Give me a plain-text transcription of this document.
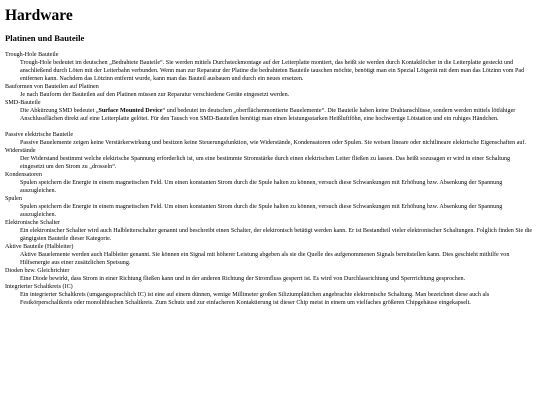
Hardware
Platinen und Bauteile
Trough-Hole Bauteile
Trough-Hole bedeutet im deutschen „Bedrahtete Bauteile“. Sie werden mittels Durchsteckmontage auf der Leiterplatte montiert, das heißt sie werden durch Kontaktlöcher in die Leiterplatte gesteckt und anschließend durch Löten mit der Leiterbahn verbunden. Wenn man zur Reparatur der Platine die bedrahteten Bauteile tauschen möchte, benötigt man ein Spezial Lötgerät mit dem man das Lötzinn vom Pad entfernen kann. Nachdem das Lötzinn entfernt wurde, kann man das Bauteil ausbauen und durch ein neues ersetzen.
Bauformen von Bauteilen auf Platinen
Je nach Bauform der Bauteilen auf den Platinen müssen zur Reparatur verschiedene Geräte eingesetzt werden.
SMD-Bauteile
Die Abkürzung SMD bedeutet „Surface Mounted Device“ und bedeutet im deutschen „oberflächenmontierte Bauelemente“. Die Bauteile haben keine Drahtanschlüsse, sondern werden mittels lötfähiger Anschlussflächen direkt auf eine Leiterplatte gelötet. Für den Tausch von SMD-Bauteilen benötigt man einen leistungsstarken Heißluftföhn, eine hochwertige Lötstation und ein ruhiges Händchen.
Passive elektrische Bauteile
Passive Bauelemente zeigen keine Verstärkerwirkung und besitzen keine Steuerungsfunktion, wie Widerstände, Kondensatoren oder Spulen. Sie weisen lineare oder nichtlineare elektrische Eigenschaften auf.
Widerstände
Der Widerstand bestimmt welche elektrische Spannung erforderlich ist, um eine bestimmte Stromstärke durch einen elektrischen Leiter fließen zu lassen. Das heißt sozusagen er wird in einer Schaltung eingesetzt um den Strom zu „drosseln“.
Kondensatoren
Spulen speichern die Energie in einem magnetischen Feld. Um einen konstanten Strom durch die Spule halten zu können, versuch diese Schwankungen mit Erhöhung bzw. Absenkung der Spannung auszugleichen.
Spulen
Spulen speichern die Energie in einem magnetischen Feld. Um einen konstanten Strom durch die Spule halten zu können, versuch diese Schwankungen mit Erhöhung bzw. Absenkung der Spannung auszugleichen.
Elektronische Schalter
Ein elektronischer Schalter wird auch Halbleiterschalter genannt und beschreibt einen Schalter, der elektronisch betätigt werden kann. Er ist Bestandteil vieler elektronischer Schaltungen. Folglich finden Sie die gängigsten Bauteile dieser Kategorie.
Aktive Bauteile (Halbleiter)
Aktive Bauelemente werden auch Halbleiter genannt. Sie können ein Signal mit höherer Leistung abgeben als sie die Quelle des aufgenommenen Signals bereitstellen kann. Dies geschieht mithilfe von Hilfsenergie aus einer zusätzlichen Speisung.
Dioden bzw. Gleichrichter
Eine Diode bewirkt, dass Strom in einer Richtung fließen kann und in der anderen Richtung der Stromfluss gesperrt ist. Es wird von Durchlassrichtung und Sperrrichtung gesprochen.
Integrierter Schaltkreis (IC)
Ein integrierter Schaltkreis (umgangssprachlich IC) ist eine auf einem dünnen, wenige Millimeter großen Siliziumplättchen angebrachte elektronische Schaltung. Man bezeichnet diese auch als Festkörperschaltkreis oder monolithischen Schaltkreis. Zum Schutz und zur einfacheren Kontaktierung ist dieser Chip meist in einem um vielfaches größeren Chipgehäuse eingekapselt.
